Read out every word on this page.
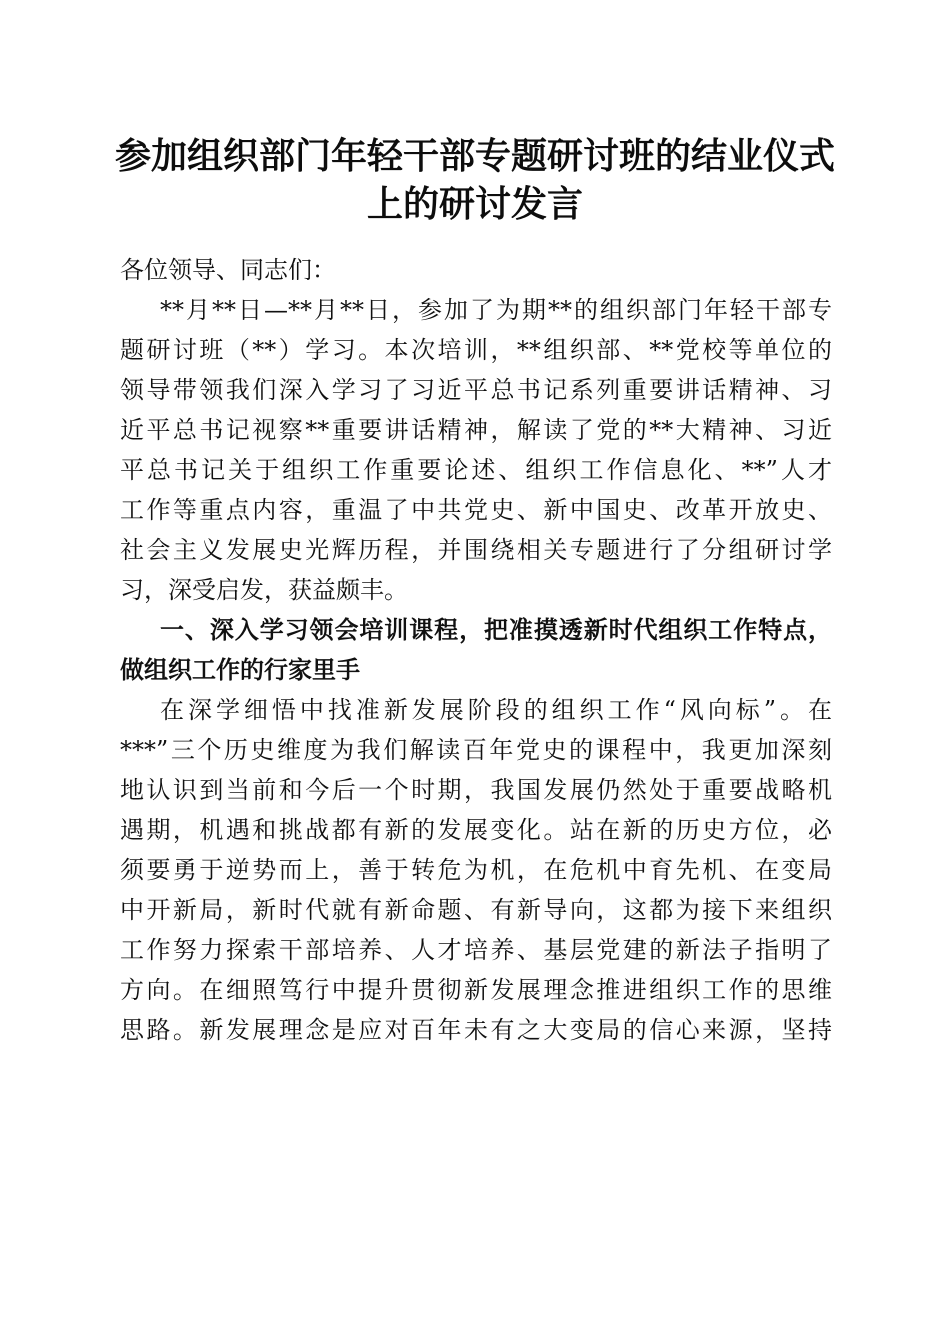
参加组织部门年轻干部专题研讨班的结业仪式
上的研讨发言
各位领导、同志们：
**月**日—**月**日，参加了为期**的组织部门年轻干部专
题研讨班（**）学习。本次培训，**组织部、**党校等单位的
领导带领我们深入学习了习近平总书记系列重要讲话精神、习
近平总书记视察**重要讲话精神，解读了党的**大精神、习近
平总书记关于组织工作重要论述、组织工作信息化、**”人才
工作等重点内容，重温了中共党史、新中国史、改革开放史、
社会主义发展史光辉历程，并围绕相关专题进行了分组研讨学
习，深受启发，获益颇丰。
一、深入学习领会培训课程，把准摸透新时代组织工作特点，
做组织工作的行家里手
在深学细悟中找准新发展阶段的组织工作“风向标”。在
***”三个历史维度为我们解读百年党史的课程中，我更加深刻
地认识到当前和今后一个时期，我国发展仍然处于重要战略机
遇期，机遇和挑战都有新的发展变化。站在新的历史方位，必
须要勇于逆势而上，善于转危为机，在危机中育先机、在变局
中开新局，新时代就有新命题、有新导向，这都为接下来组织
工作努力探索干部培养、人才培养、基层党建的新法子指明了
方向。在细照笃行中提升贯彻新发展理念推进组织工作的思维
思路。新发展理念是应对百年未有之大变局的信心来源，坚持
